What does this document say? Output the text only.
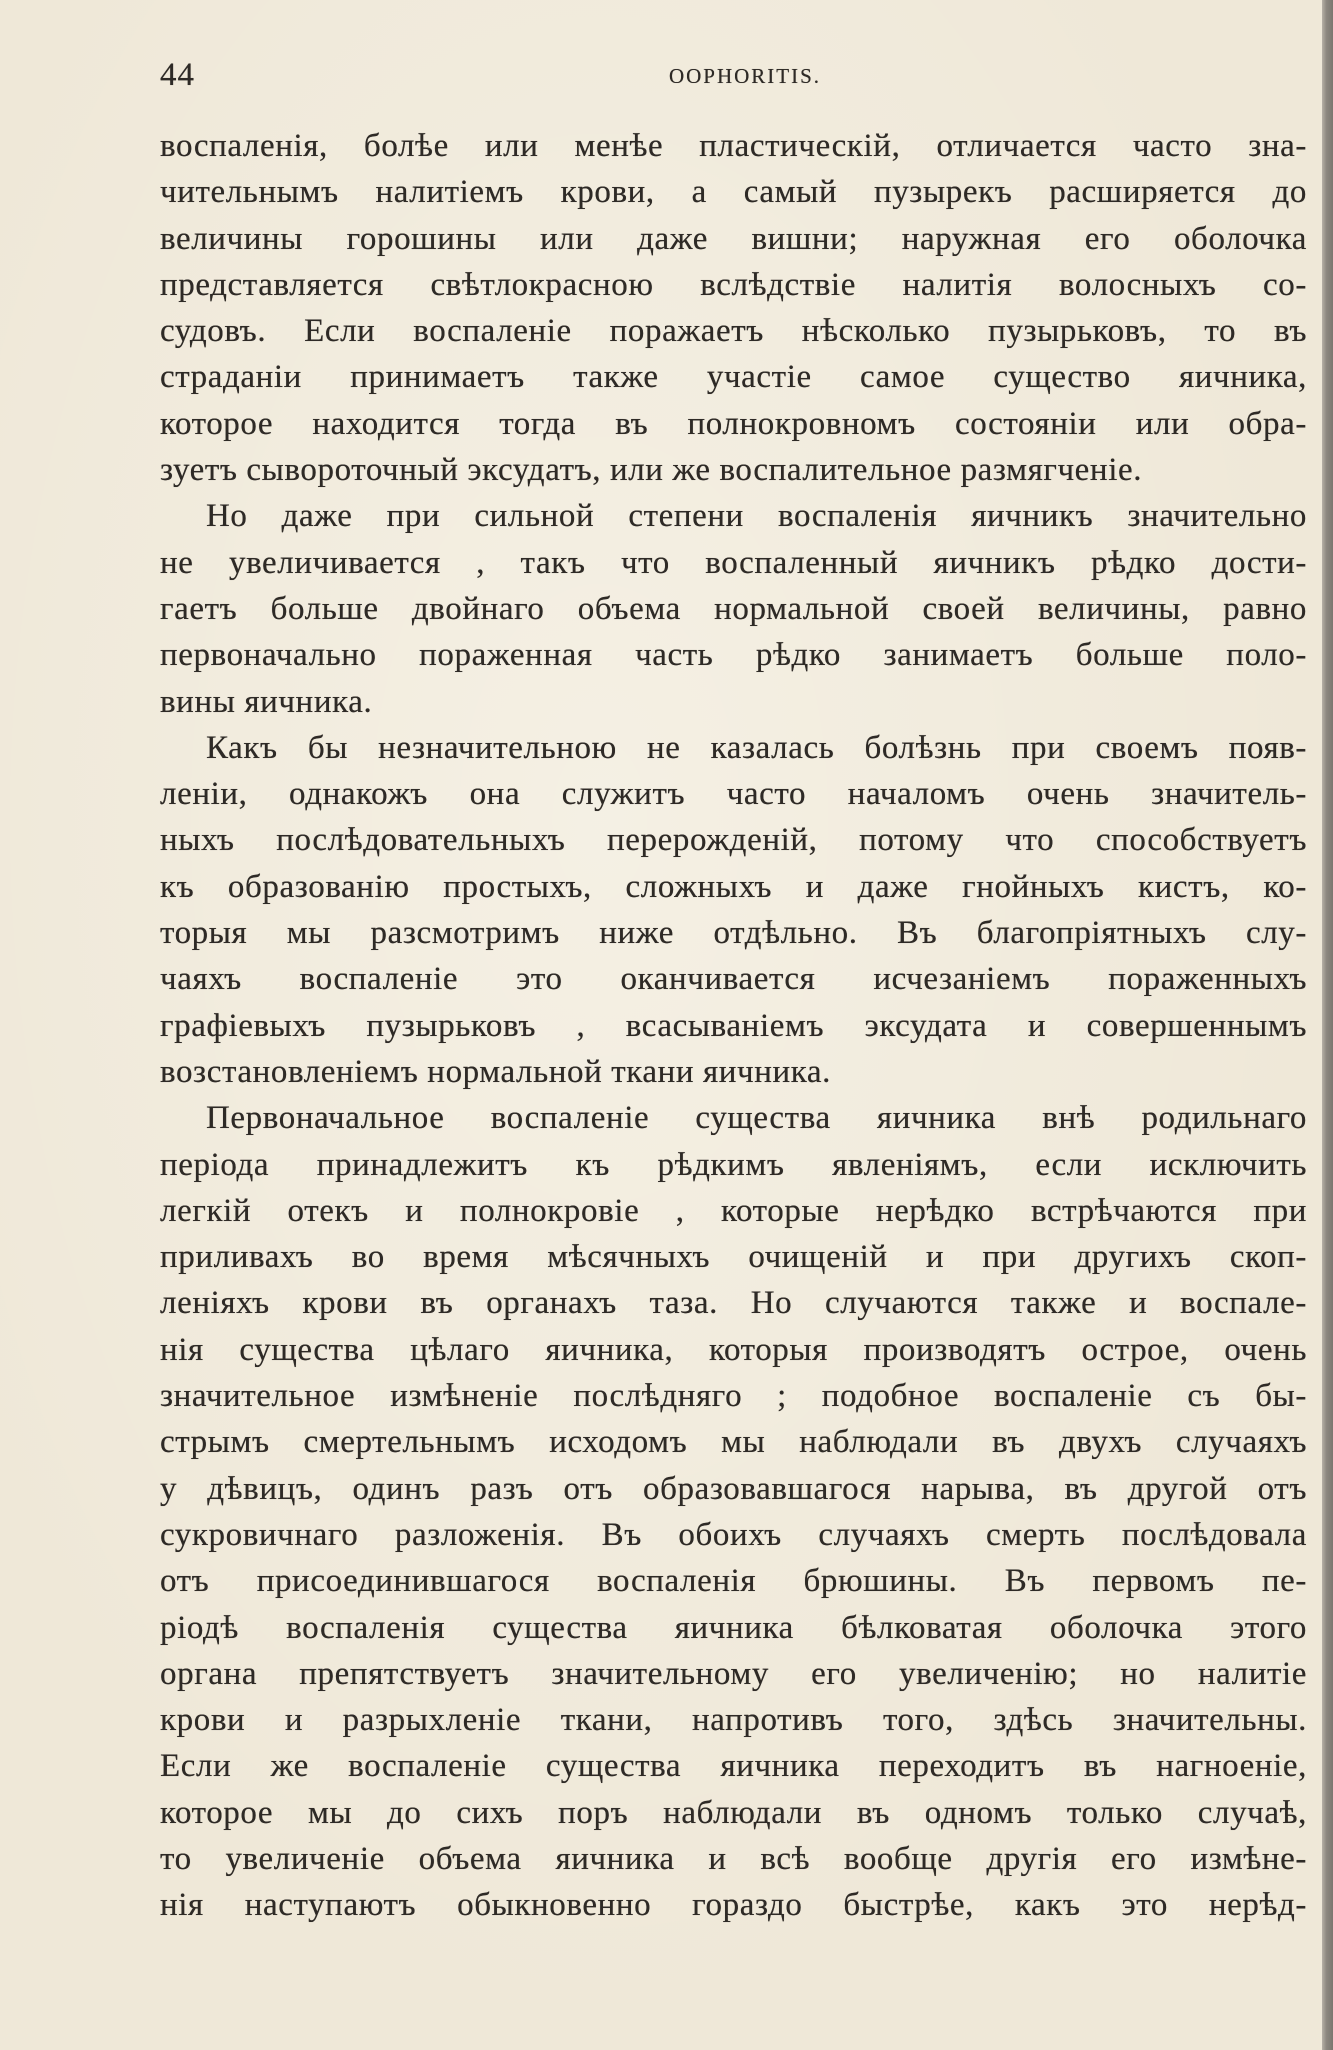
44	OOPHORITIS.
воспаленія, болѣе или менѣе пластическій, отличается часто зна-
чительнымъ налитіемъ крови, а самый пузырекъ расширяется до
величины горошины или даже вишни; наружная его оболочка
представляется свѣтлокрасною вслѣдствіе налитія волосныхъ со-
судовъ. Если воспаленіе поражаетъ нѣсколько пузырьковъ, то въ
страданіи принимаетъ также участіе самое существо яичника,
которое находится тогда въ полнокровномъ состояніи или обра-
зуетъ сывороточный эксудатъ, или же воспалительное размягченіе.
Но даже при сильной степени воспаленія яичникъ значительно
не увеличивается , такъ что воспаленный яичникъ рѣдко дости-
гаетъ больше двойнаго объема нормальной своей величины, равно
первоначально пораженная часть рѣдко занимаетъ больше поло-
вины яичника.
Какъ бы незначительною не казалась болѣзнь при своемъ появ-
леніи, однакожъ она служитъ часто началомъ очень значитель-
ныхъ послѣдовательныхъ перерожденій, потому что способствуетъ
къ образованію простыхъ, сложныхъ и даже гнойныхъ кистъ, ко-
торыя мы разсмотримъ ниже отдѣльно. Въ благопріятныхъ слу-
чаяхъ воспаленіе это оканчивается исчезаніемъ пораженныхъ
графіевыхъ пузырьковъ , всасываніемъ эксудата и совершеннымъ
возстановленіемъ нормальной ткани яичника.
Первоначальное воспаленіе существа яичника внѣ родильнаго
періода принадлежитъ къ рѣдкимъ явленіямъ, если исключить
легкій отекъ и полнокровіе , которые нерѣдко встрѣчаются при
приливахъ во время мѣсячныхъ очищеній и при другихъ скоп-
леніяхъ крови въ органахъ таза. Но случаются также и воспале-
нія существа цѣлаго яичника, которыя производятъ острое, очень
значительное измѣненіе послѣдняго ; подобное воспаленіе съ бы-
стрымъ смертельнымъ исходомъ мы наблюдали въ двухъ случаяхъ
у дѣвицъ, одинъ разъ отъ образовавшагося нарыва, въ другой отъ
сукровичнаго разложенія. Въ обоихъ случаяхъ смерть послѣдовала
отъ присоединившагося воспаленія брюшины. Въ первомъ пе-
ріодѣ воспаленія существа яичника бѣлковатая оболочка этого
органа препятствуетъ значительному его увеличенію; но налитіе
крови и разрыхленіе ткани, напротивъ того, здѣсь значительны.
Если же воспаленіе существа яичника переходитъ въ нагноеніе,
которое мы до сихъ поръ наблюдали въ одномъ только случаѣ,
то увеличеніе объема яичника и всѣ вообще другія его измѣне-
нія наступаютъ обыкновенно гораздо быстрѣе, какъ это нерѣд-
